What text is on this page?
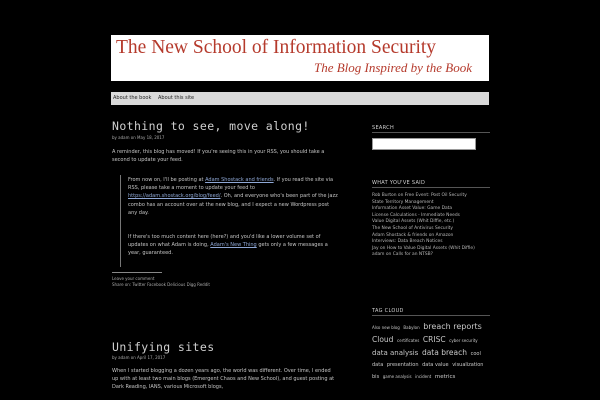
The New School of Information Security
The Blog Inspired by the Book
About the book About this site
Nothing to see, move along!
by adam on May 18, 2017
A reminder, this blog has moved! If you're seeing this in your RSS, you should take a second to update your feed.
From now on, I'll be posting at Adam Shostack and friends. If you read the site via RSS, please take a moment to update your feed to https://adam.shostack.org/blog/feed/. Oh, and everyone who's been part of the jazz combo has an account over at the new blog, and I expect a new Wordpress post any day.
If there's too much content here (here?) and you'd like a lower volume set of updates on what Adam is doing, Adam's New Thing gets only a few messages a year, guaranteed.
Leave your comment
Share on: Twitter Facebook Delicious Digg Reddit
Unifying sites
by adam on April 17, 2017
When I started blogging a dozen years ago, the world was different. Over time, I ended up with at least two main blogs (Emergent Chaos and New School), and guest posting at Dark Reading, IANS, various Microsoft blogs,
SEARCH
WHAT YOU'VE SAID
Rob Burton on Free Event: Post Oil Security
State Territory Management
Information Asset Value: Game Data
License Calculations - Immediate Needs
Value Digital Assets (Whit Diffie, etc.)
The New School of Antivirus Security
Adam Shostack & friends on Amazon
Interviews: Data Breach Notices
Jay on How to Value Digital Assets (Whit Diffie)
adam on Calls for an NTSB?
TAG CLOUD
Also new blog Babylon breach reports Cloud certificates CRISC cyber security data analysis data breach cool data presentation data value visualization bis game analysis incident metrics
